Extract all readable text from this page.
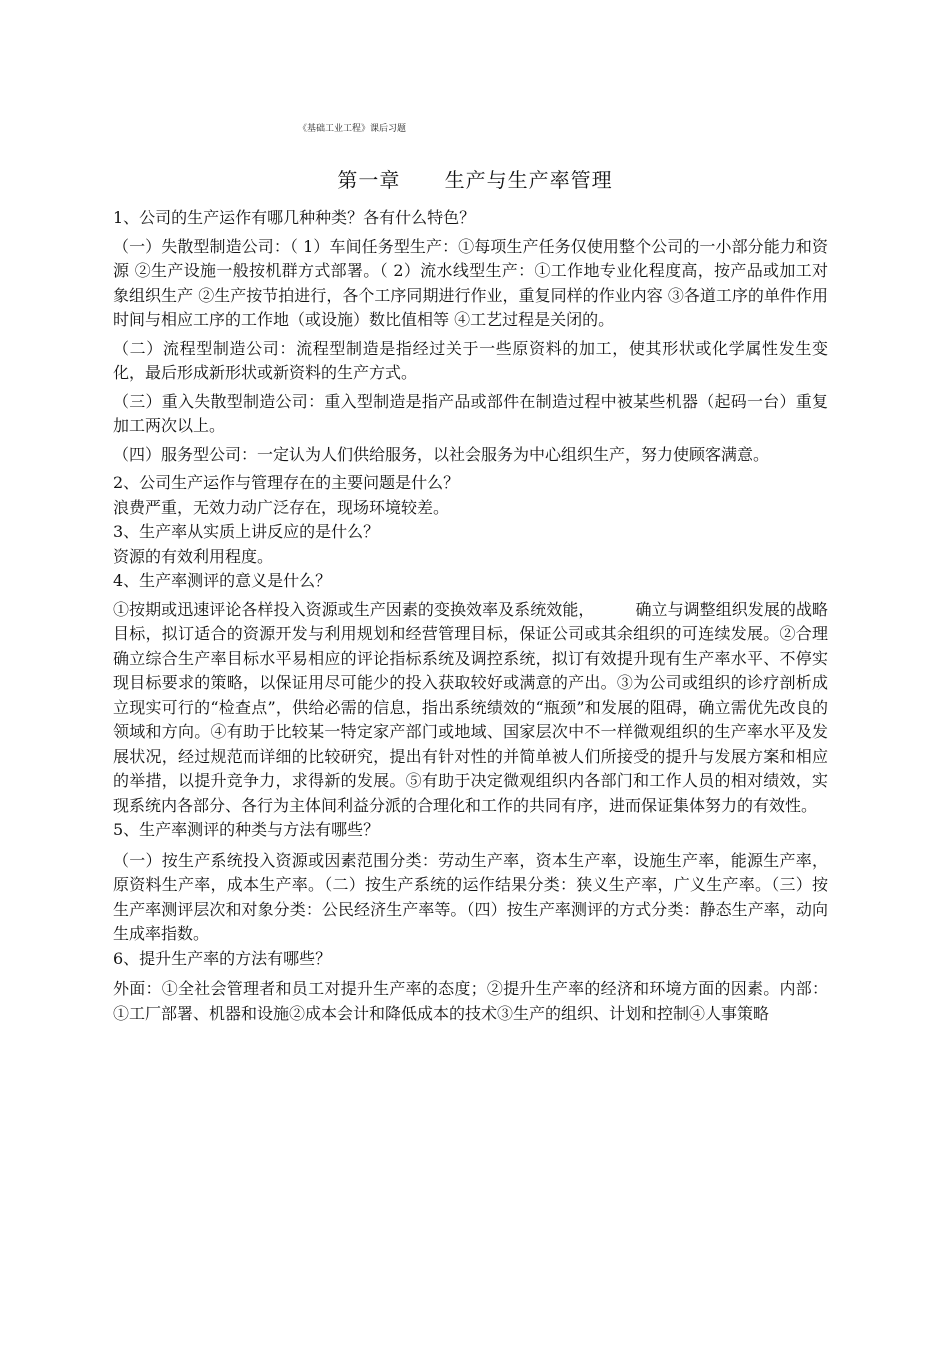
《基础工业工程》课后习题
第一章      生产与生产率管理

1、公司的生产运作有哪几种种类？各有什么特色？

（一）失散型制造公司：（ 1）车间任务型生产：①每项生产任务仅使用整个公司的一小部分能力和资源 ②生产设施一般按机群方式部署。（ 2）流水线型生产：①工作地专业化程度高，按产品或加工对象组织生产 ②生产按节拍进行，各个工序同期进行作业，重复同样的作业内容 ③各道工序的单件作用时间与相应工序的工作地（或设施）数比值相等 ④工艺过程是关闭的。

（二）流程型制造公司：流程型制造是指经过关于一些原资料的加工，使其形状或化学属性发生变化，最后形成新形状或新资料的生产方式。

（三）重入失散型制造公司：重入型制造是指产品或部件在制造过程中被某些机器（起码一台）重复加工两次以上。

（四）服务型公司：一定认为人们供给服务，以社会服务为中心组织生产，努力使顾客满意。

2、公司生产运作与管理存在的主要问题是什么？

浪费严重，无效力动广泛存在，现场环境较差。

3、生产率从实质上讲反应的是什么？

资源的有效利用程度。

4、生产率测评的意义是什么？

①按期或迅速评论各样投入资源或生产因素的变换效率及系统效能，        确立与调整组织发展的战略目标，拟订适合的资源开发与利用规划和经营管理目标，保证公司或其余组织的可连续发展。②合理确立综合生产率目标水平易相应的评论指标系统及调控系统，拟订有效提升现有生产率水平、不停实现目标要求的策略，以保证用尽可能少的投入获取较好或满意的产出。③为公司或组织的诊疗剖析成立现实可行的“检查点”，供给必需的信息，指出系统绩效的“瓶颈”和发展的阻碍，确立需优先改良的领域和方向。④有助于比较某一特定家产部门或地域、国家层次中不一样微观组织的生产率水平及发展状况，经过规范而详细的比较研究，提出有针对性的并简单被人们所接受的提升与发展方案和相应的举措，以提升竞争力，求得新的发展。⑤有助于决定微观组织内各部门和工作人员的相对绩效，实现系统内各部分、各行为主体间利益分派的合理化和工作的共同有序，进而保证集体努力的有效性。

5、生产率测评的种类与方法有哪些？

（一）按生产系统投入资源或因素范围分类：劳动生产率，资本生产率，设施生产率，能源生产率，原资料生产率，成本生产率。（二）按生产系统的运作结果分类：狭义生产率，广义生产率。（三）按生产率测评层次和对象分类：公民经济生产率等。（四）按生产率测评的方式分类：静态生产率，动向生成率指数。

6、提升生产率的方法有哪些？

外面：①全社会管理者和员工对提升生产率的态度；②提升生产率的经济和环境方面的因素。内部：①工厂部署、机器和设施②成本会计和降低成本的技术③生产的组织、计划和控制④人事策略
